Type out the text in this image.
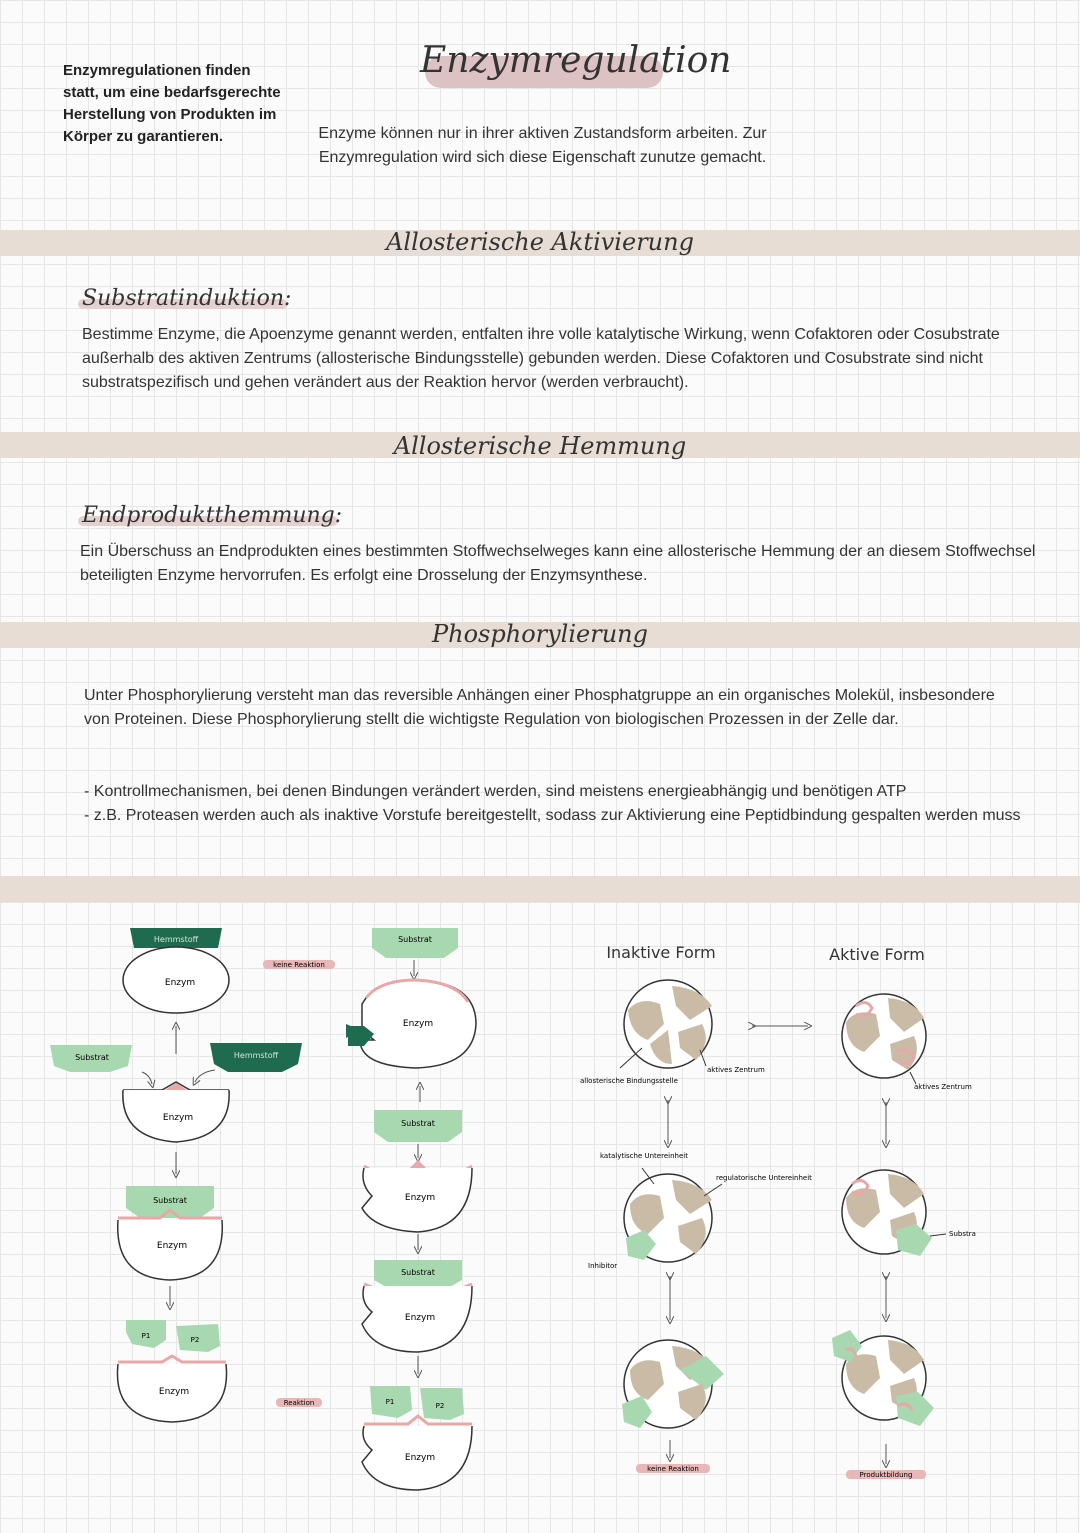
Enzymregulationen finden statt, um eine bedarfsgerechte Herstellung von Produkten im Körper zu garantieren.
Enzymregulation
Enzyme können nur in ihrer aktiven Zustandsform arbeiten. Zur Enzymregulation wird sich diese Eigenschaft zunutze gemacht.
Allosterische Aktivierung
Substratinduktion:
Bestimme Enzyme, die Apoenzyme genannt werden, entfalten ihre volle katalytische Wirkung, wenn Cofaktoren oder Cosubstrate außerhalb des aktiven Zentrums (allosterische Bindungsstelle) gebunden werden. Diese Cofaktoren und Cosubstrate sind nicht substratspezifisch und gehen verändert aus der Reaktion hervor (werden verbraucht).
Allosterische Hemmung
Endproduktthemmung:
Ein Überschuss an Endprodukten eines bestimmten Stoffwechselweges kann eine allosterische Hemmung der an diesem Stoffwechsel beteiligten Enzyme hervorrufen. Es erfolgt eine Drosselung der Enzymsynthese.
Phosphorylierung
Unter Phosphorylierung versteht man das reversible Anhängen einer Phosphatgruppe an ein organisches Molekül, insbesondere von Proteinen. Diese Phosphorylierung stellt die wichtigste Regulation von biologischen Prozessen in der Zelle dar.
- Kontrollmechanismen, bei denen Bindungen verändert werden, sind meistens energieabhängig und benötigen ATP
- z.B. Proteasen werden auch als inaktive Vorstufe bereitgestellt, sodass zur Aktivierung eine Peptidbindung gespalten werden muss
Hemmstoff
Enzym
keine Reaktion
Substrat	Hemmstoff
Enzym
Substrat
Enzym
P1	P2
Enzym
Reaktion
Substrat
Enzym
Substrat
Enzym
Substrat
Enzym
P1	P2
Enzym
Inaktive Form	Aktive Form
allosterische Bindungsstelle
aktives Zentrum
katalytische Untereinheit
regulatorische Untereinheit
Inhibitor
keine Reaktion
aktives Zentrum
Substra
Produktbildung
